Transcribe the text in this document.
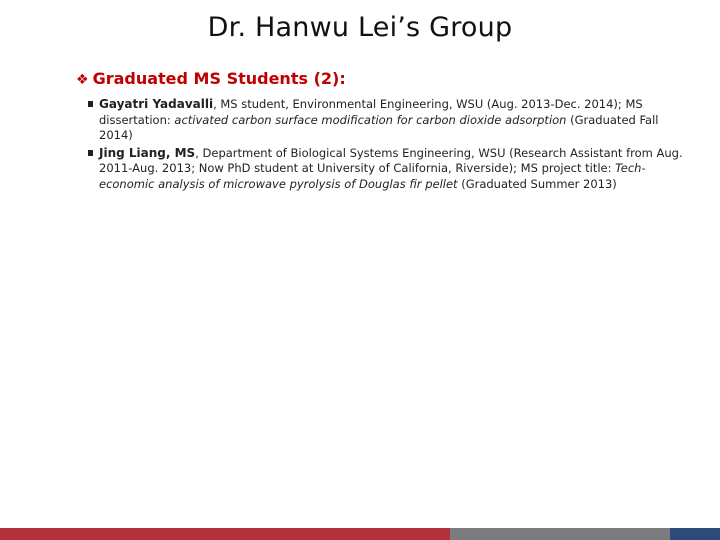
Dr. Hanwu Lei’s Group
❖ Graduated MS Students (2):
Gayatri Yadavalli, MS student, Environmental Engineering, WSU (Aug. 2013-Dec. 2014); MS dissertation: activated carbon surface modification for carbon dioxide adsorption (Graduated Fall 2014)
Jing Liang, MS, Department of Biological Systems Engineering, WSU (Research Assistant from Aug. 2011-Aug. 2013; Now PhD student at University of California, Riverside); MS project title: Tech-economic analysis of microwave pyrolysis of Douglas fir pellet (Graduated Summer 2013)
